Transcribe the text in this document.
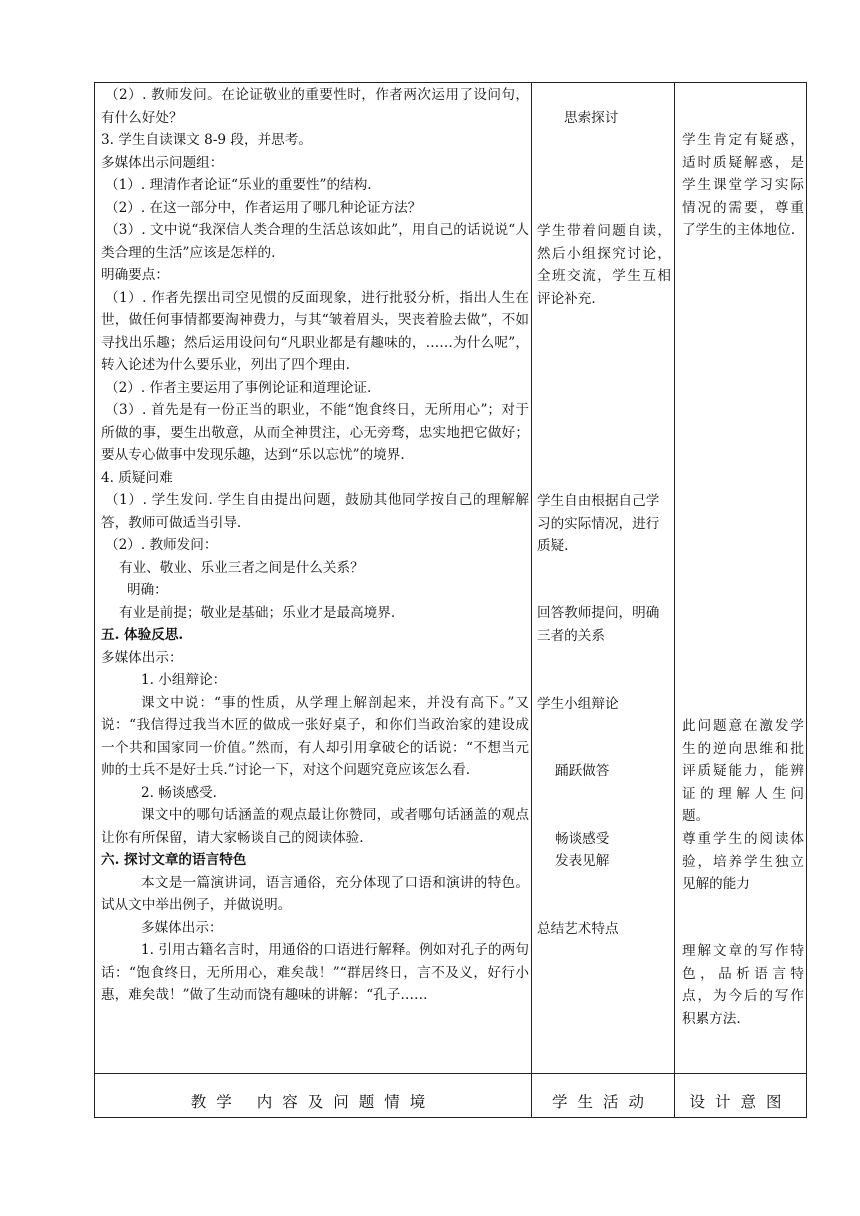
（2）. 教师发问。在论证敬业的重要性时，作者两次运用了设问句，有什么好处？

3. 学生自读课文 8-9 段，并思考。

多媒体出示问题组：

（1）. 理清作者论证“乐业的重要性”的结构.

（2）. 在这一部分中，作者运用了哪几种论证方法？

（3）. 文中说“我深信人类合理的生活总该如此”，用自己的话说说“人类合理的生活”应该是怎样的.

明确要点：

（1）. 作者先摆出司空见惯的反面现象，进行批驳分析，指出人生在世，做任何事情都要淘神费力，与其“皱着眉头，哭丧着脸去做”，不如寻找出乐趣；然后运用设问句“凡职业都是有趣味的，……为什么呢”，转入论述为什么要乐业，列出了四个理由.

（2）. 作者主要运用了事例论证和道理论证.

（3）. 首先是有一份正当的职业，不能“饱食终日，无所用心”；对于所做的事，要生出敬意，从而全神贯注，心无旁骛，忠实地把它做好；要从专心做事中发现乐趣，达到“乐以忘忧”的境界.

4. 质疑问难

（1）. 学生发问. 学生自由提出问题，鼓励其他同学按自己的理解解答，教师可做适当引导.

（2）. 教师发问：

有业、敬业、乐业三者之间是什么关系？

明确：

有业是前提；敬业是基础；乐业才是最高境界.

五. 体验反思.

多媒体出示：

1. 小组辩论：

课文中说：“事的性质，从学理上解剖起来，并没有高下。”又说：“我信得过我当木匠的做成一张好桌子，和你们当政治家的建设成一个共和国家同一价值。”然而，有人却引用拿破仑的话说：“不想当元帅的士兵不是好士兵.”讨论一下，对这个问题究竟应该怎么看.

2. 畅谈感受.

课文中的哪句话涵盖的观点最让你赞同，或者哪句话涵盖的观点让你有所保留，请大家畅谈自己的阅读体验.

六. 探讨文章的语言特色

本文是一篇演讲词，语言通俗，充分体现了口语和演讲的特色。试从文中举出例子，并做说明。

多媒体出示：

1. 引用古籍名言时，用通俗的口语进行解释。例如对孔子的两句话：“饱食终日，无所用心，难矣哉！”“群居终日，言不及义，好行小惠，难矣哉！”做了生动而饶有趣味的讲解：“孔子……

思索探讨
学生带着问题自读，然后小组探究讨论，全班交流，学生互相评论补充.
学生自由根据自己学习的实际情况，进行质疑.
回答教师提问，明确三者的关系
学生小组辩论
踊跃做答
畅谈感受
发表见解
总结艺术特点
学生肯定有疑惑，适时质疑解惑，是学生课堂学习实际情况的需要，尊重了学生的主体地位.
此问题意在激发学生的逆向思维和批评质疑能力，能辨证的理解人生问题。
尊重学生的阅读体验，培养学生独立见解的能力
理解文章的写作特色，品析语言特点，为今后的写作积累方法.
教学 内容及问题情境	学生活动	设计意图
